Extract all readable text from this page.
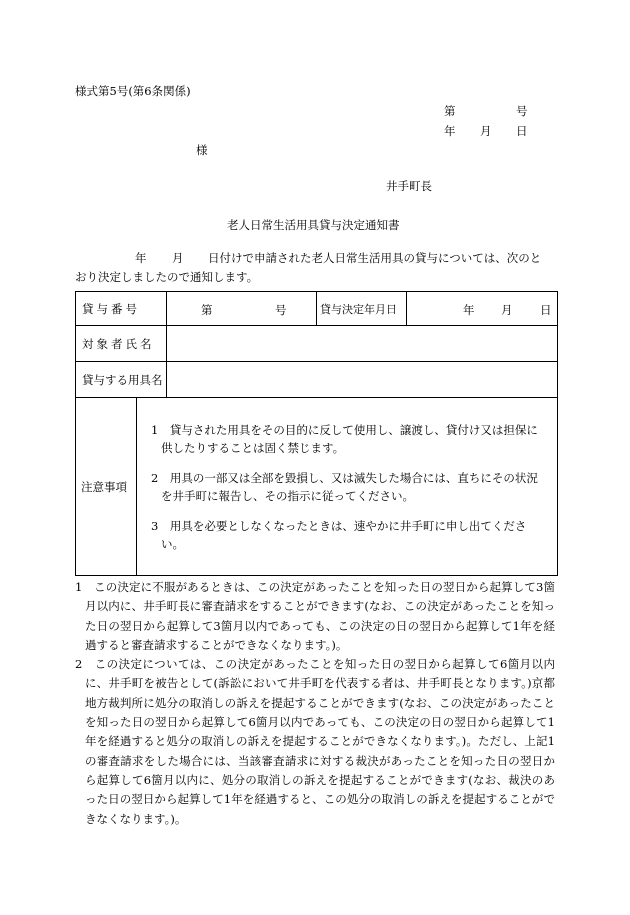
様式第5号(第6条関係)
第	号
年 月 日
様
井手町長
老人日常生活用具貸与決定通知書
年 月 日付けで申請された老人日常生活用具の貸与については、次のと
おり決定しましたので通知します。
貸与番号		第 号	貸与決定年月日	年 月 日

対象者氏名				
貸与する用具名				
注意事項	1　貸与された用具をその目的に反して使用し、譲渡し、貸付け又は担保に供したりすることは固く禁じます。

2　用具の一部又は全部を毀損し、又は滅失した場合には、直ちにその状況を井手町に報告し、その指示に従ってください。

3　用具を必要としなくなったときは、速やかに井手町に申し出てください。			

1　この決定に不服があるときは、この決定があったことを知った日の翌日から起算して3箇月以内に、井手町長に審査請求をすることができます(なお、この決定があったことを知った日の翌日から起算して3箇月以内であっても、この決定の日の翌日から起算して1年を経過すると審査請求することができなくなります。)。

2　この決定については、この決定があったことを知った日の翌日から起算して6箇月以内に、井手町を被告として(訴訟において井手町を代表する者は、井手町長となります。)京都地方裁判所に処分の取消しの訴えを提起することができます(なお、この決定があったことを知った日の翌日から起算して6箇月以内であっても、この決定の日の翌日から起算して1年を経過すると処分の取消しの訴えを提起することができなくなります。)。ただし、上記1の審査請求をした場合には、当該審査請求に対する裁決があったことを知った日の翌日から起算して6箇月以内に、処分の取消しの訴えを提起することができます(なお、裁決のあった日の翌日から起算して1年を経過すると、この処分の取消しの訴えを提起することができなくなります。)。
